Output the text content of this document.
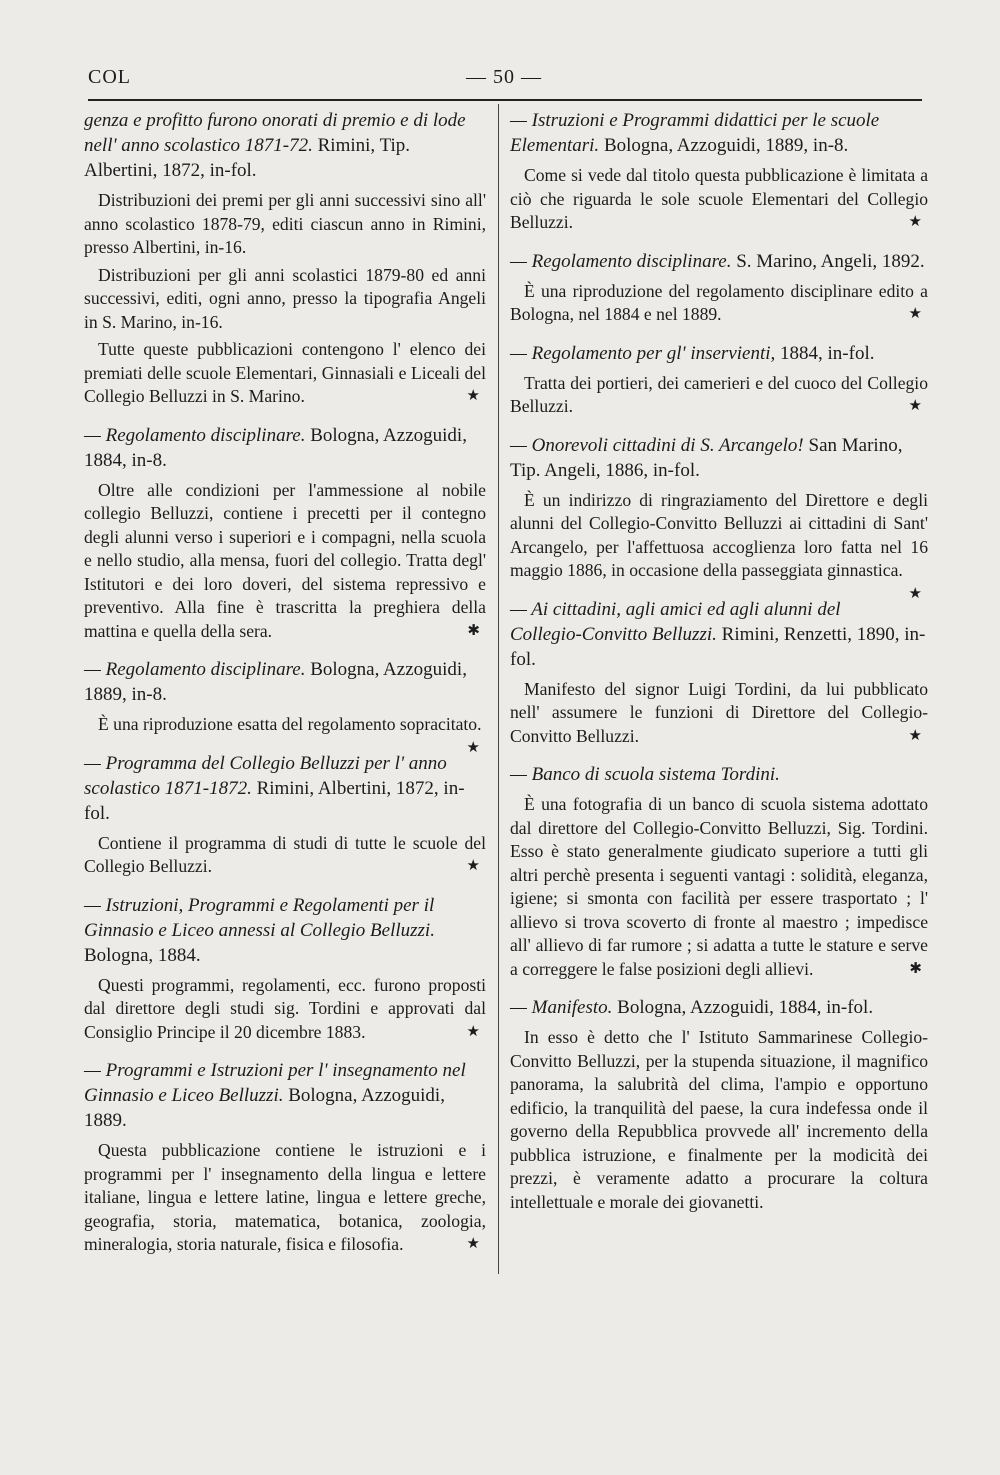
COL	— 50 —
genza e profitto furono onorati di premio e di lode nell' anno scolastico 1871-72. Rimini, Tip. Albertini, 1872, in-fol.

Distribuzioni dei premi per gli anni successivi sino all' anno scolastico 1878-79, editi ciascun anno in Rimini, presso Albertini, in-16.

Distribuzioni per gli anni scolastici 1879-80 ed anni successivi, editi, ogni anno, presso la tipografia Angeli in S. Marino, in-16.

Tutte queste pubblicazioni contengono l' elenco dei premiati delle scuole Elementari, Ginnasiali e Liceali del Collegio Belluzzi in S. Marino.	★

— Regolamento disciplinare. Bologna, Azzoguidi, 1884, in-8.

Oltre alle condizioni per l'ammessione al nobile collegio Belluzzi, contiene i precetti per il contegno degli alunni verso i superiori e i compagni, nella scuola e nello studio, alla mensa, fuori del collegio. Tratta degl' Istitutori e dei loro doveri, del sistema repressivo e preventivo. Alla fine è trascritta la preghiera della mattina e quella della sera.	✱

— Regolamento disciplinare. Bologna, Azzoguidi, 1889, in-8.

È una riproduzione esatta del regolamento sopracitato.
★

— Programma del Collegio Belluzzi per l' anno scolastico 1871-1872. Rimini, Albertini, 1872, in-fol.

Contiene il programma di studi di tutte le scuole del Collegio Belluzzi.	★

— Istruzioni, Programmi e Regolamenti per il Ginnasio e Liceo annessi al Collegio Belluzzi. Bologna, 1884.

Questi programmi, regolamenti, ecc. furono proposti dal direttore degli studi sig. Tordini e approvati dal Consiglio Principe il 20 dicembre 1883.	★

— Programmi e Istruzioni per l' insegnamento nel Ginnasio e Liceo Belluzzi. Bologna, Azzoguidi, 1889.

Questa pubblicazione contiene le istruzioni e i programmi per l' insegnamento della lingua e lettere italiane, lingua e lettere latine, lingua e lettere greche, geografia, storia, matematica, botanica, zoologia, mineralogia, storia naturale, fisica e filosofia.	★

— Istruzioni e Programmi didattici per le scuole Elementari. Bologna, Azzoguidi, 1889, in-8.

Come si vede dal titolo questa pubblicazione è limitata a ciò che riguarda le sole scuole Elementari del Collegio Belluzzi.	★

— Regolamento disciplinare. S. Marino, Angeli, 1892.

È una riproduzione del regolamento disciplinare edito a Bologna, nel 1884 e nel 1889.	★

— Regolamento per gl' inservienti, 1884, in-fol.

Tratta dei portieri, dei camerieri e del cuoco del Collegio Belluzzi.	★

— Onorevoli cittadini di S. Arcangelo! San Marino, Tip. Angeli, 1886, in-fol.

È un indirizzo di ringraziamento del Direttore e degli alunni del Collegio-Convitto Belluzzi ai cittadini di Sant' Arcangelo, per l'affettuosa accoglienza loro fatta nel 16 maggio 1886, in occasione della passeggiata ginnastica.
★

— Ai cittadini, agli amici ed agli alunni del Collegio-Convitto Belluzzi. Rimini, Renzetti, 1890, in-fol.

Manifesto del signor Luigi Tordini, da lui pubblicato nell' assumere le funzioni di Direttore del Collegio-Convitto Belluzzi.	★

— Banco di scuola sistema Tordini.

È una fotografia di un banco di scuola sistema adottato dal direttore del Collegio-Convitto Belluzzi, Sig. Tordini. Esso è stato generalmente giudicato superiore a tutti gli altri perchè presenta i seguenti vantagi : solidità, eleganza, igiene; si smonta con facilità per essere trasportato ; l' allievo si trova scoverto di fronte al maestro ; impedisce all' allievo di far rumore ; si adatta a tutte le stature e serve a correggere le false posizioni degli allievi.	✱

— Manifesto. Bologna, Azzoguidi, 1884, in-fol.

In esso è detto che l' Istituto Sammarinese Collegio-Convitto Belluzzi, per la stupenda situazione, il magnifico panorama, la salubrità del clima, l'ampio e opportuno edificio, la tranquilità del paese, la cura indefessa onde il governo della Repubblica provvede all' incremento della pubblica istruzione, e finalmente per la modicità dei prezzi, è veramente adatto a procurare la coltura intellettuale e morale dei giovanetti.
